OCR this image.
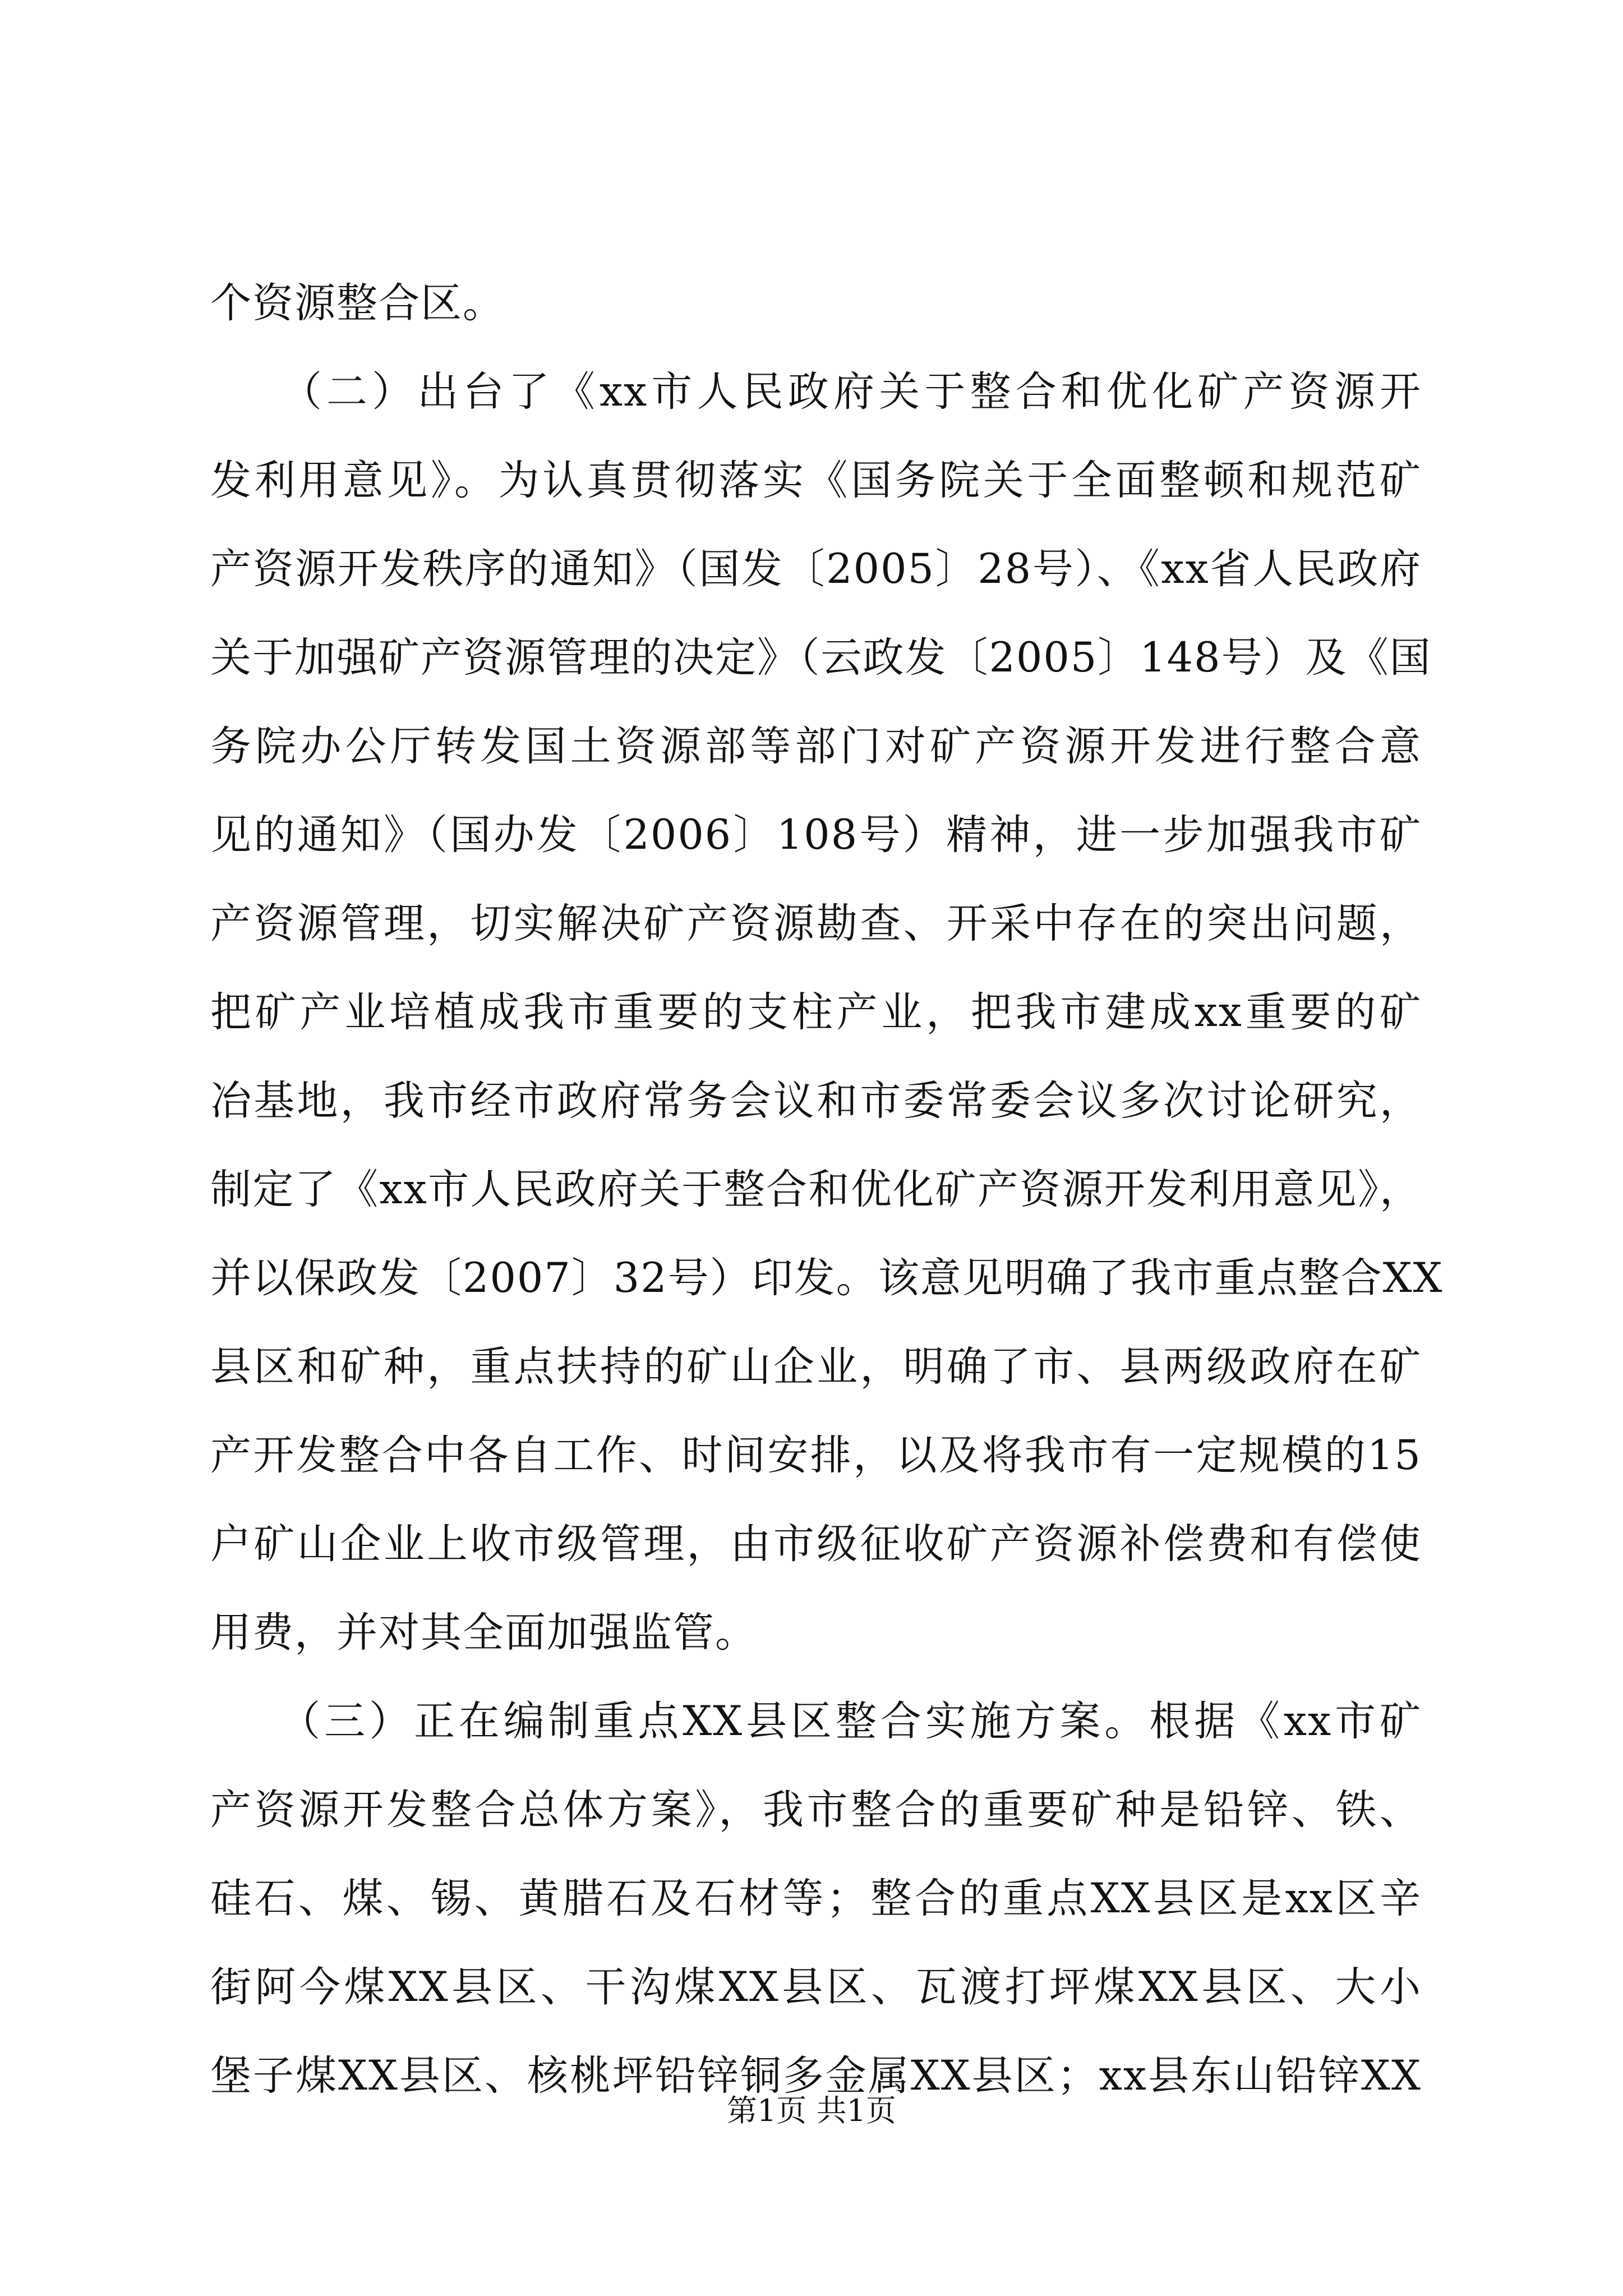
个资源整合区。
　　（二）出台了《xx市人民政府关于整合和优化矿产资源开
发利用意见》。为认真贯彻落实《国务院关于全面整顿和规范矿
产资源开发秩序的通知》（国发〔2005〕28号）、《xx省人民政府
关于加强矿产资源管理的决定》（云政发〔2005〕148号）及《国
务院办公厅转发国土资源部等部门对矿产资源开发进行整合意
见的通知》（国办发〔2006〕108号）精神，进一步加强我市矿
产资源管理，切实解决矿产资源勘查、开采中存在的突出问题，
把矿产业培植成我市重要的支柱产业，把我市建成xx重要的矿
冶基地，我市经市政府常务会议和市委常委会议多次讨论研究，
制定了《xx市人民政府关于整合和优化矿产资源开发利用意见》，
并以保政发〔2007〕32号）印发。该意见明确了我市重点整合XX
县区和矿种，重点扶持的矿山企业，明确了市、县两级政府在矿
产开发整合中各自工作、时间安排，以及将我市有一定规模的15
户矿山企业上收市级管理，由市级征收矿产资源补偿费和有偿使
用费，并对其全面加强监管。
　　（三）正在编制重点XX县区整合实施方案。根据《xx市矿
产资源开发整合总体方案》，我市整合的重要矿种是铅锌、铁、
硅石、煤、锡、黄腊石及石材等；整合的重点XX县区是xx区辛
街阿今煤XX县区、干沟煤XX县区、瓦渡打坪煤XX县区、大小
堡子煤XX县区、核桃坪铅锌铜多金属XX县区；xx县东山铅锌XX
第1页 共1页
